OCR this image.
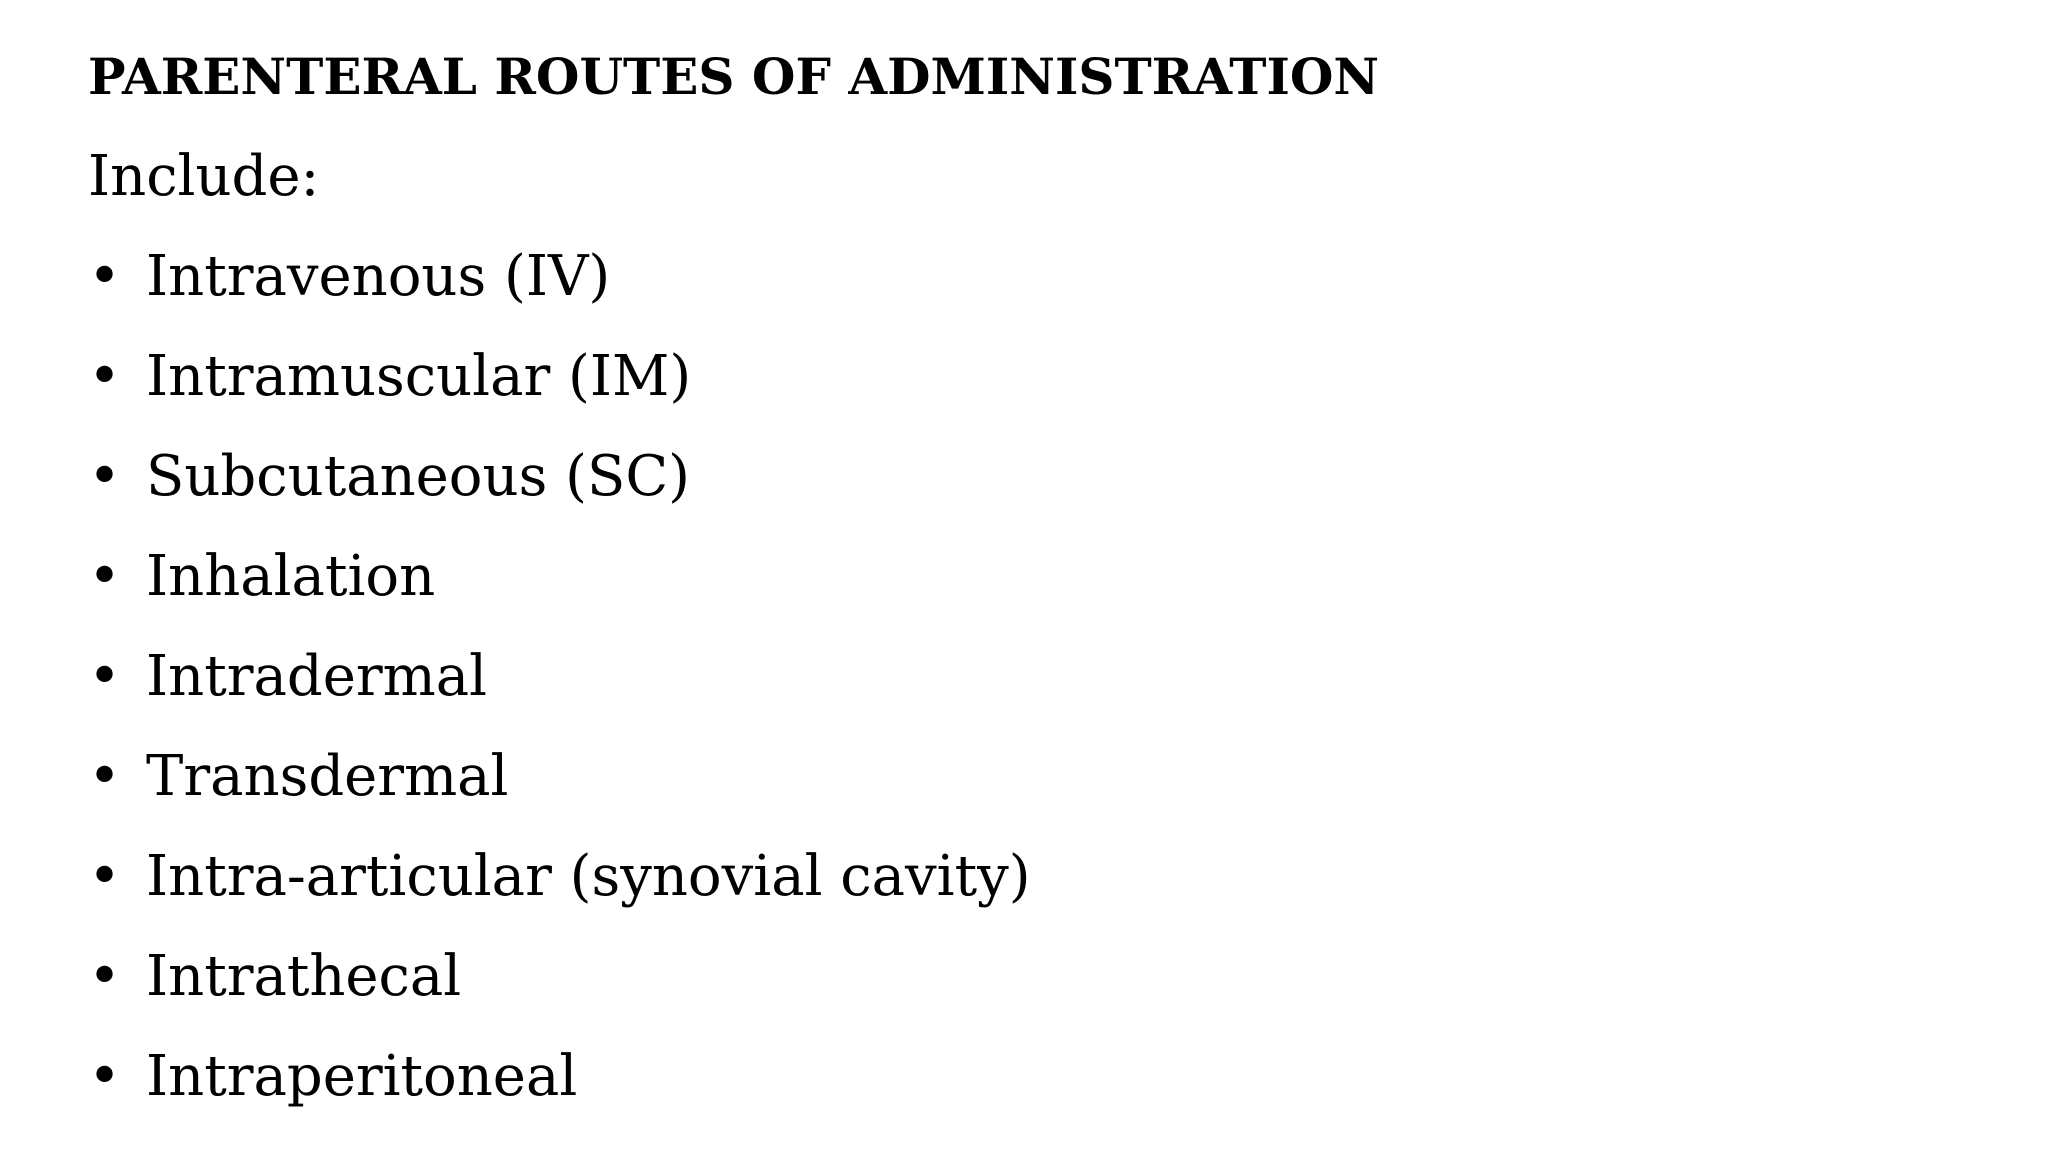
PARENTERAL ROUTES OF ADMINISTRATION

Include:

• Intravenous (IV)
• Intramuscular (IM)
• Subcutaneous (SC)
• Inhalation
• Intradermal
• Transdermal
• Intra-articular (synovial cavity)
• Intrathecal
• Intraperitoneal
